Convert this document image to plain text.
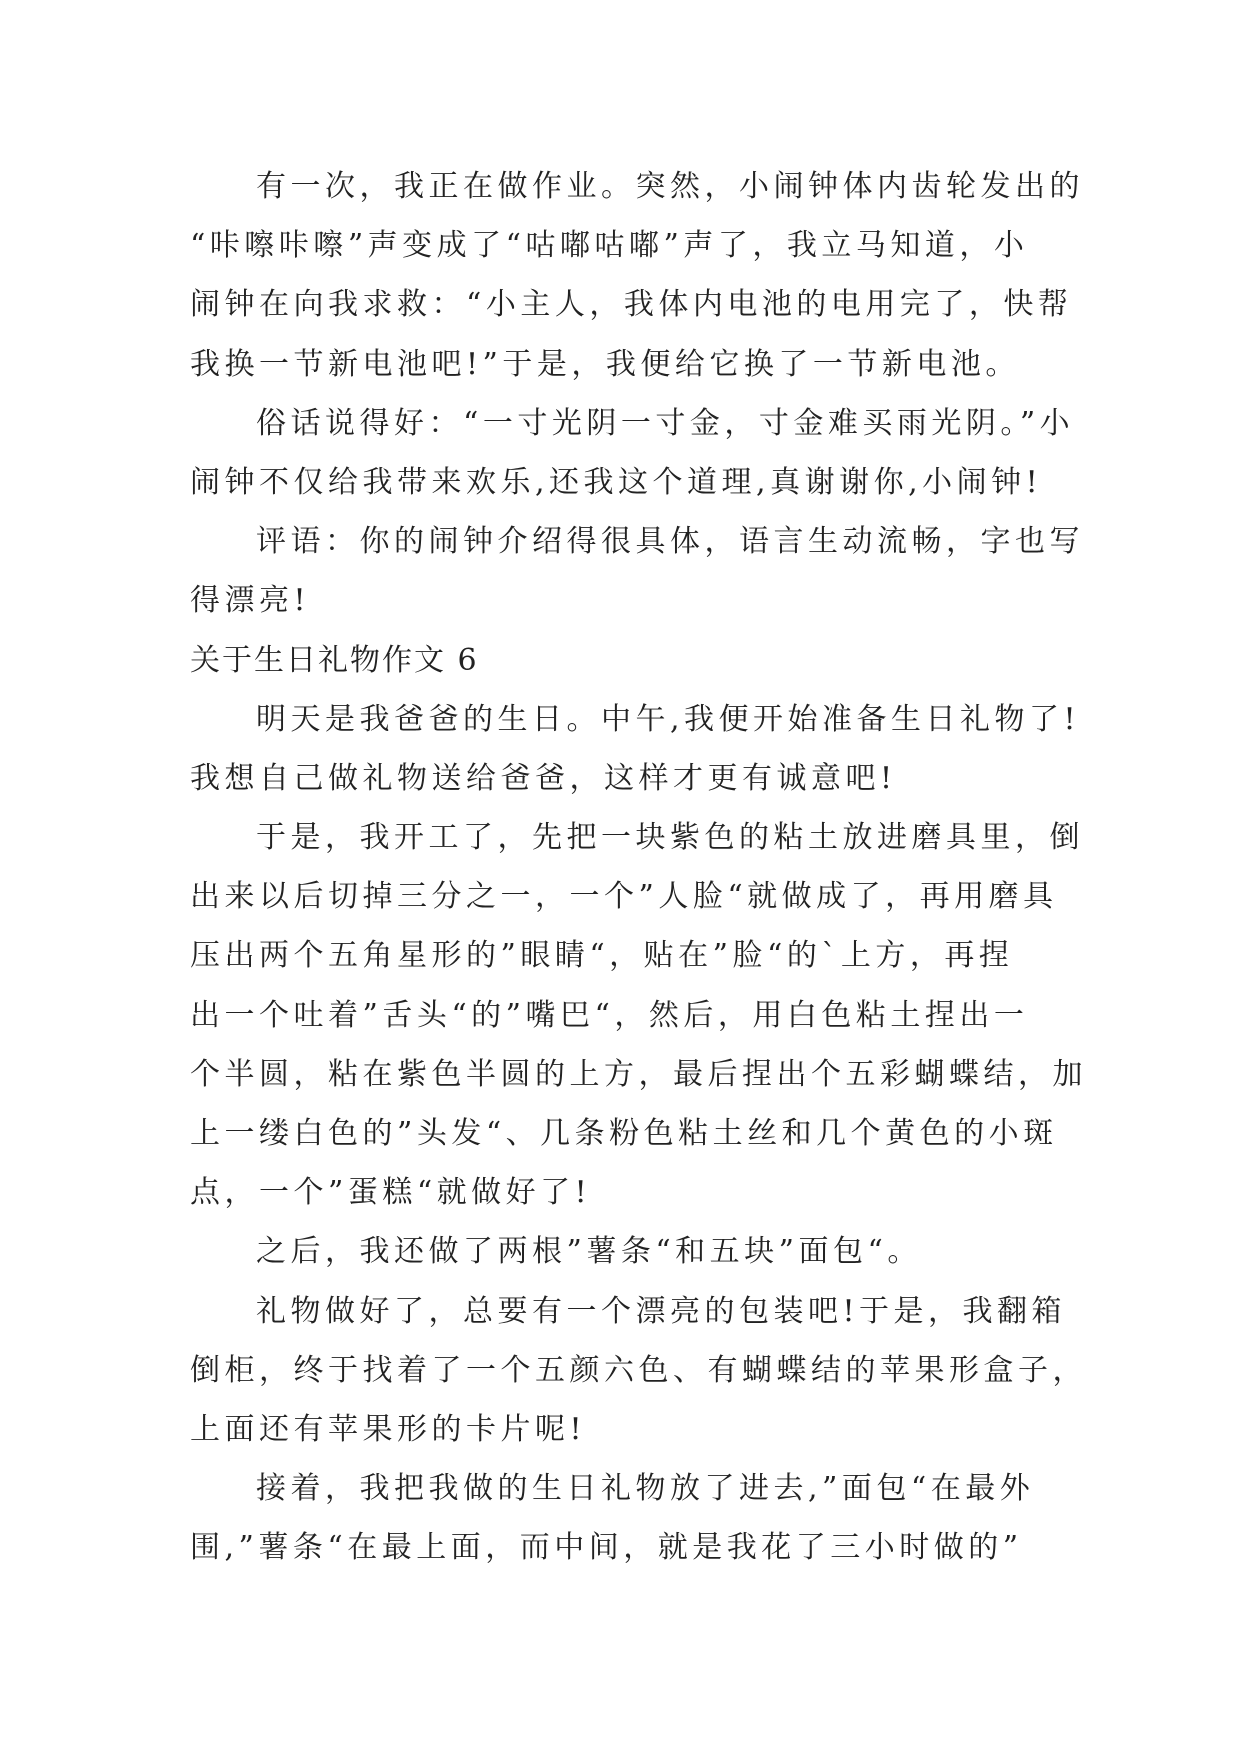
有一次，我正在做作业。突然，小闹钟体内齿轮发出的
“咔嚓咔嚓”声变成了“咕嘟咕嘟”声了，我立马知道，小
闹钟在向我求救：“小主人，我体内电池的电用完了，快帮
我换一节新电池吧!”于是，我便给它换了一节新电池。
俗话说得好：“一寸光阴一寸金，寸金难买雨光阴。”小
闹钟不仅给我带来欢乐,还我这个道理,真谢谢你,小闹钟!
评语：你的闹钟介绍得很具体，语言生动流畅，字也写
得漂亮!
关于生日礼物作文 6
明天是我爸爸的生日。中午,我便开始准备生日礼物了!
我想自己做礼物送给爸爸，这样才更有诚意吧!
于是，我开工了，先把一块紫色的粘土放进磨具里，倒
出来以后切掉三分之一，一个”人脸“就做成了，再用磨具
压出两个五角星形的”眼睛“，贴在”脸“的`上方，再捏
出一个吐着”舌头“的”嘴巴“，然后，用白色粘土捏出一
个半圆，粘在紫色半圆的上方，最后捏出个五彩蝴蝶结，加
上一缕白色的”头发“、几条粉色粘土丝和几个黄色的小斑
点，一个”蛋糕“就做好了!
之后，我还做了两根”薯条“和五块”面包“。
礼物做好了，总要有一个漂亮的包装吧!于是，我翻箱
倒柜，终于找着了一个五颜六色、有蝴蝶结的苹果形盒子，
上面还有苹果形的卡片呢!
接着，我把我做的生日礼物放了进去,”面包“在最外
围,”薯条“在最上面，而中间，就是我花了三小时做的”
